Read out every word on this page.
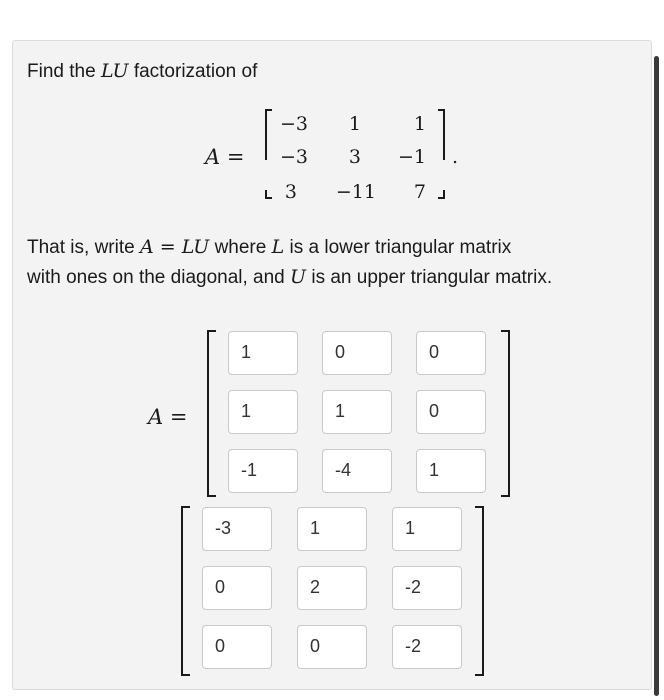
Find the LU factorization of
A =	.
−3	1	1
−3	3	−1
3	−11	7
That is, write A = LU where L is a lower triangular matrix
with ones on the diagonal, and U is an upper triangular matrix.
A =
1	0	0
1	1	0
-1	-4	1
-3	1	1
0	2	-2
0	0	-2
